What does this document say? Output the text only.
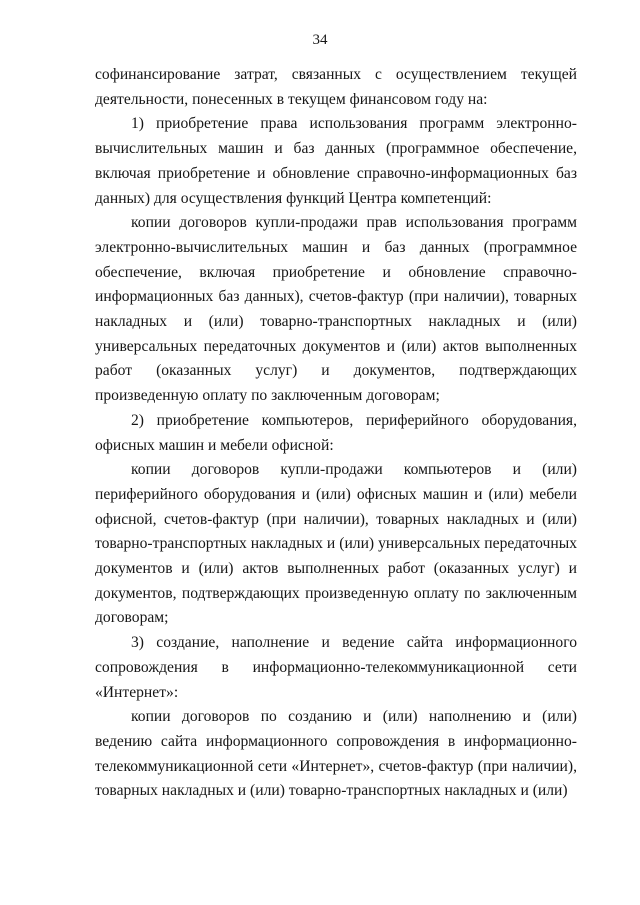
34

софинансирование затрат, связанных с осуществлением текущей деятельности, понесенных в текущем финансовом году на:

1) приобретение права использования программ электронно-вычислительных машин и баз данных (программное обеспечение, включая приобретение и обновление справочно-информационных баз данных) для осуществления функций Центра компетенций:

копии договоров купли-продажи прав использования программ электронно-вычислительных машин и баз данных (программное обеспечение, включая приобретение и обновление справочно-информационных баз данных), счетов-фактур (при наличии), товарных накладных и (или) товарно-транспортных накладных и (или) универсальных передаточных документов и (или) актов выполненных работ (оказанных услуг) и документов, подтверждающих произведенную оплату по заключенным договорам;

2) приобретение компьютеров, периферийного оборудования, офисных машин и мебели офисной:

копии договоров купли-продажи компьютеров и (или) периферийного оборудования и (или) офисных машин и (или) мебели офисной, счетов-фактур (при наличии), товарных накладных и (или) товарно-транспортных накладных и (или) универсальных передаточных документов и (или) актов выполненных работ (оказанных услуг) и документов, подтверждающих произведенную оплату по заключенным договорам;

3) создание, наполнение и ведение сайта информационного сопровождения в информационно-телекоммуникационной сети «Интернет»:

копии договоров по созданию и (или) наполнению и (или) ведению сайта информационного сопровождения в информационно-телекоммуникационной сети «Интернет», счетов-фактур (при наличии), товарных накладных и (или) товарно-транспортных накладных и (или)
